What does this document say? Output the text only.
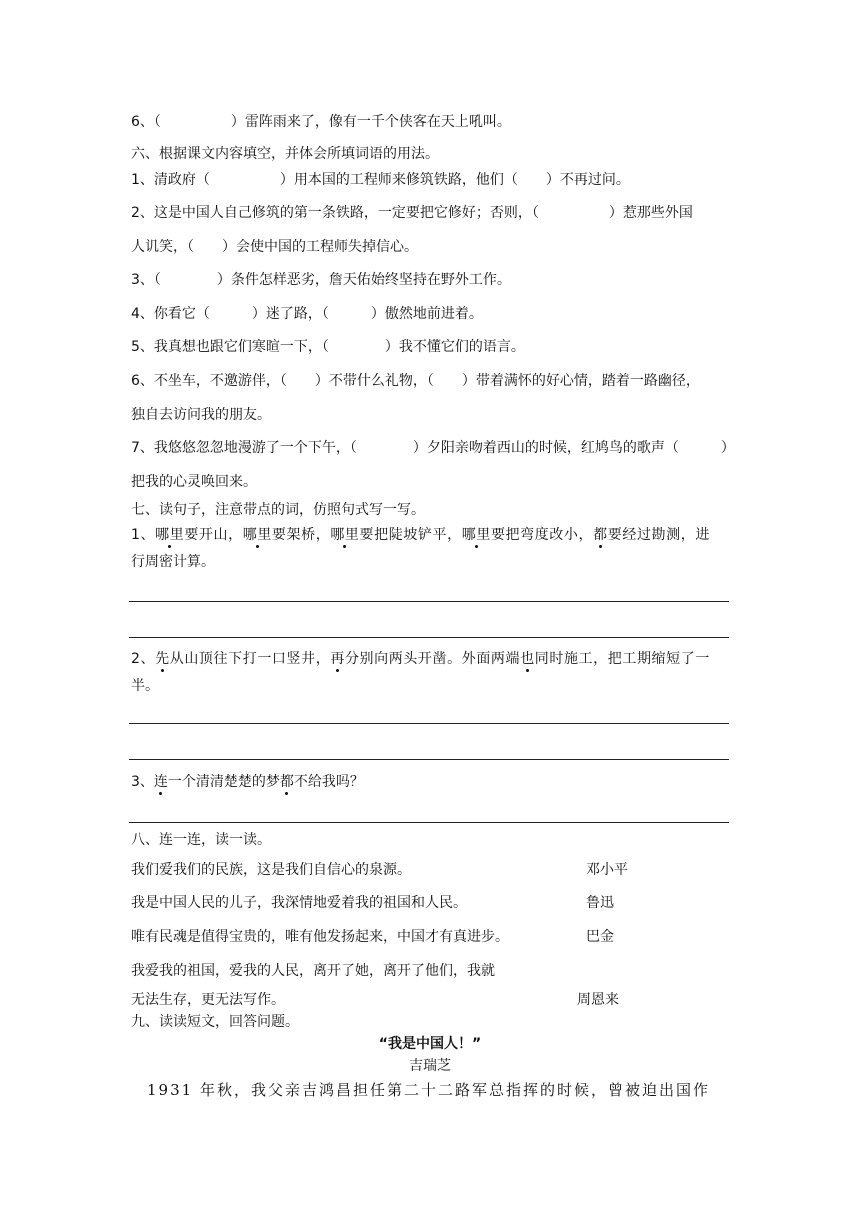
6、（　　　　　）雷阵雨来了，像有一千个侠客在天上吼叫。
六、根据课文内容填空，并体会所填词语的用法。
1、清政府（　　　　　）用本国的工程师来修筑铁路，他们（　　）不再过问。
2、这是中国人自己修筑的第一条铁路，一定要把它修好；否则，（　　　　　）惹那些外国
人讥笑，（　　）会使中国的工程师失掉信心。
3、（　　　　）条件怎样恶劣，詹天佑始终坚持在野外工作。
4、你看它（　　　）迷了路，（　　　）傲然地前进着。
5、我真想也跟它们寒暄一下，（　　　　）我不懂它们的语言。
6、不坐车，不邀游伴，（　　）不带什么礼物，（　　）带着满怀的好心情，踏着一路幽径，
独自去访问我的朋友。
7、我悠悠忽忽地漫游了一个下午，（　　　　）夕阳亲吻着西山的时候，红鸠鸟的歌声（　　　）
把我的心灵唤回来。
七、读句子，注意带点的词，仿照句式写一写。
1、哪里要开山，哪里要架桥，哪里要把陡坡铲平，哪里要把弯度改小，都要经过勘测，进
行周密计算。
2、先从山顶往下打一口竖井，再分别向两头开凿。外面两端也同时施工，把工期缩短了一
半。
3、连一个清清楚楚的梦都不给我吗？
八、连一连，读一读。
我们爱我们的民族，这是我们自信心的泉源。	邓小平
我是中国人民的儿子，我深情地爱着我的祖国和人民。	鲁迅
唯有民魂是值得宝贵的，唯有他发扬起来，中国才有真进步。	巴金
我爱我的祖国，爱我的人民，离开了她，离开了他们，我就
无法生存，更无法写作。	周恩来
九、读读短文，回答问题。
“我是中国人！”
吉瑞芝
1931 年秋，我父亲吉鸿昌担任第二十二路军总指挥的时候，曾被迫出国作
